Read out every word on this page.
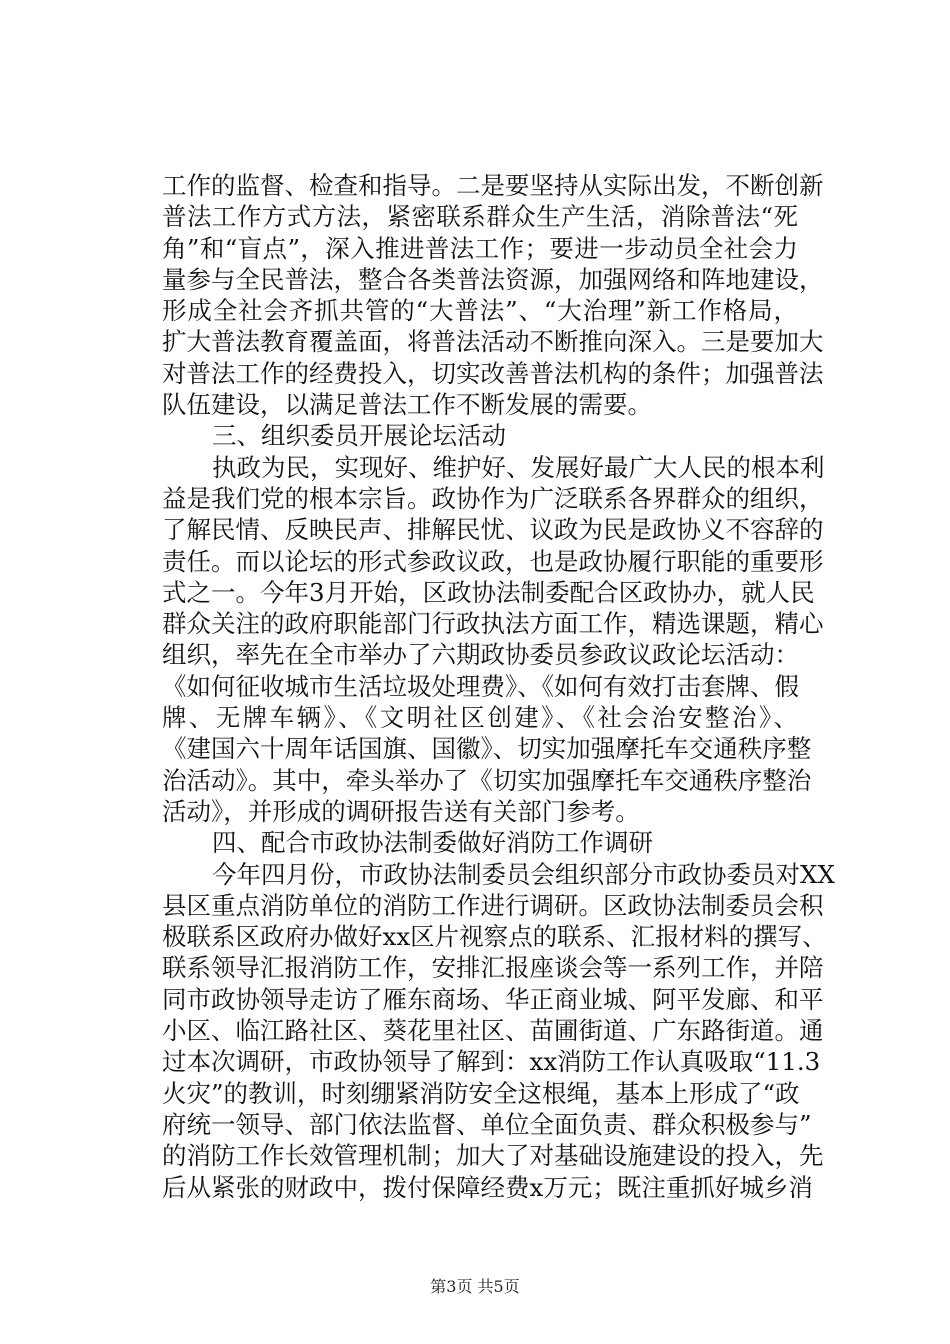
工作的监督、检查和指导。二是要坚持从实际出发，不断创新
普法工作方式方法，紧密联系群众生产生活，消除普法“死
角”和“盲点”，深入推进普法工作；要进一步动员全社会力
量参与全民普法，整合各类普法资源，加强网络和阵地建设，
形成全社会齐抓共管的“大普法”、“大治理”新工作格局，
扩大普法教育覆盖面，将普法活动不断推向深入。三是要加大
对普法工作的经费投入，切实改善普法机构的条件；加强普法
队伍建设，以满足普法工作不断发展的需要。
三、组织委员开展论坛活动
执政为民，实现好、维护好、发展好最广大人民的根本利
益是我们党的根本宗旨。政协作为广泛联系各界群众的组织，
了解民情、反映民声、排解民忧、议政为民是政协义不容辞的
责任。而以论坛的形式参政议政，也是政协履行职能的重要形
式之一。今年3月开始，区政协法制委配合区政协办，就人民
群众关注的政府职能部门行政执法方面工作，精选课题，精心
组织，率先在全市举办了六期政协委员参政议政论坛活动：
《如何征收城市生活垃圾处理费》、《如何有效打击套牌、假
牌、无牌车辆》、《文明社区创建》、《社会治安整治》、
《建国六十周年话国旗、国徽》、切实加强摩托车交通秩序整
治活动》。其中，牵头举办了《切实加强摩托车交通秩序整治
活动》，并形成的调研报告送有关部门参考。
四、配合市政协法制委做好消防工作调研
今年四月份，市政协法制委员会组织部分市政协委员对XX
县区重点消防单位的消防工作进行调研。区政协法制委员会积
极联系区政府办做好xx区片视察点的联系、汇报材料的撰写、
联系领导汇报消防工作，安排汇报座谈会等一系列工作，并陪
同市政协领导走访了雁东商场、华正商业城、阿平发廊、和平
小区、临江路社区、葵花里社区、苗圃街道、广东路街道。通
过本次调研，市政协领导了解到：xx消防工作认真吸取“11.3
火灾”的教训，时刻绷紧消防安全这根绳，基本上形成了“政
府统一领导、部门依法监督、单位全面负责、群众积极参与”
的消防工作长效管理机制；加大了对基础设施建设的投入，先
后从紧张的财政中，拨付保障经费x万元；既注重抓好城乡消
第3页 共5页
